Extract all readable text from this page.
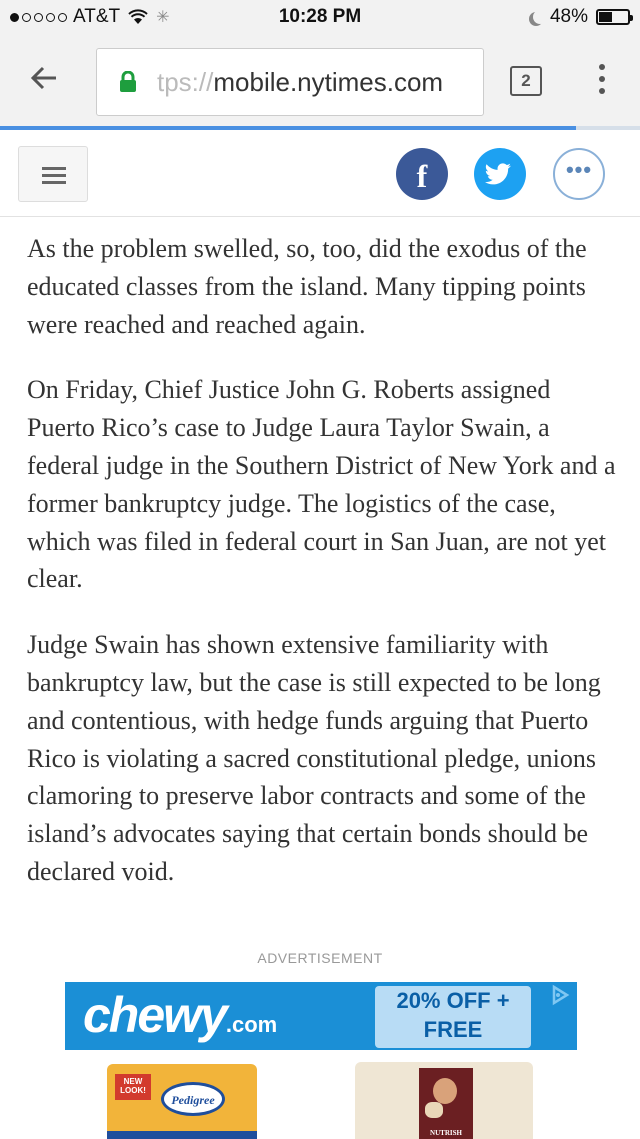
AT&T ✳	10:28 PM	48%
tps://mobile.nytimes.com	2
f	•••

As the problem swelled, so, too, did the exodus of the educated classes from the island. Many tipping points were reached and reached again.

On Friday, Chief Justice John G. Roberts assigned Puerto Rico’s case to Judge Laura Taylor Swain, a federal judge in the Southern District of New York and a former bankruptcy judge. The logistics of the case, which was filed in federal court in San Juan, are not yet clear.

Judge Swain has shown extensive familiarity with bankruptcy law, but the case is still expected to be long and contentious, with hedge funds arguing that Puerto Rico is violating a sacred constitutional pledge, unions clamoring to preserve labor contracts and some of the island’s advocates saying that certain bonds should be declared void.

ADVERTISEMENT
chewy.com
20% OFF +
FREE
NEW LOOK!
Pedigree
NUTRISH
